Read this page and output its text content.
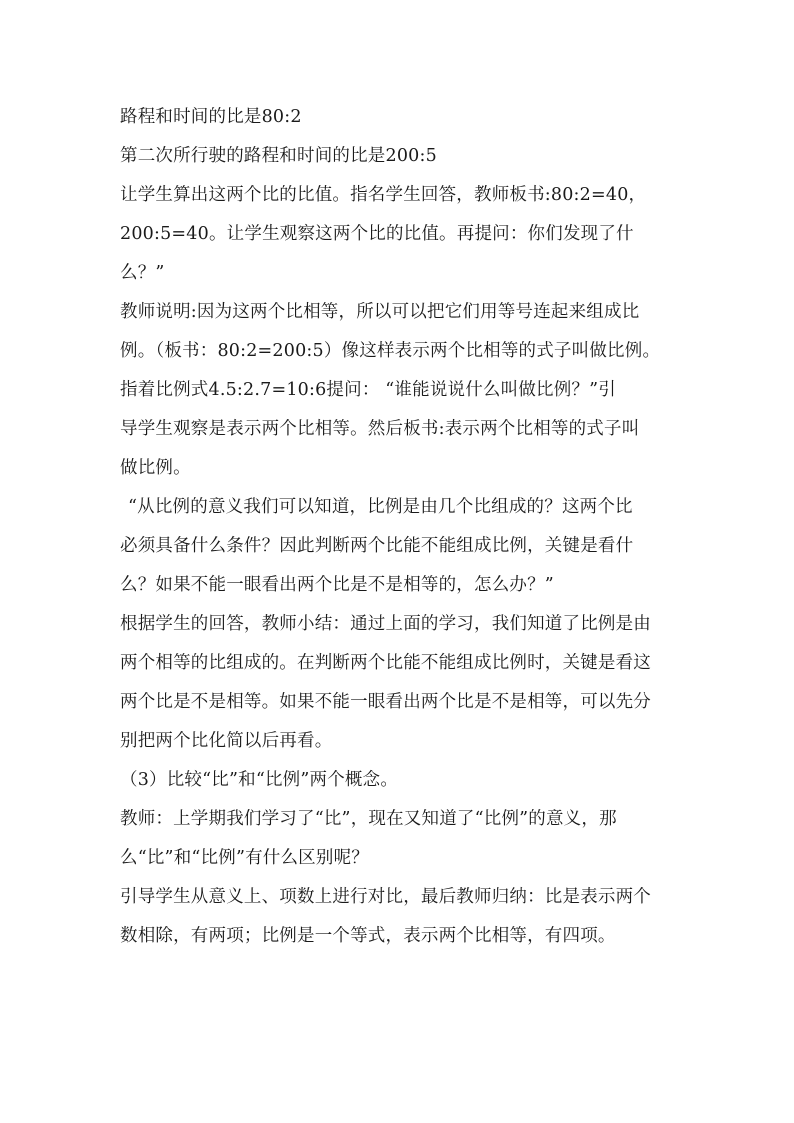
路程和时间的比是80:2
第二次所行驶的路程和时间的比是200:5
让学生算出这两个比的比值。指名学生回答，教师板书:80:2=40，
200:5=40。让学生观察这两个比的比值。再提问：你们发现了什
么？”
教师说明:因为这两个比相等，所以可以把它们用等号连起来组成比
例。（板书：80:2=200:5）像这样表示两个比相等的式子叫做比例。
指着比例式4.5:2.7=10:6提问： “谁能说说什么叫做比例？”引
导学生观察是表示两个比相等。然后板书:表示两个比相等的式子叫
做比例。
“从比例的意义我们可以知道，比例是由几个比组成的？这两个比
必须具备什么条件？因此判断两个比能不能组成比例，关键是看什
么？如果不能一眼看出两个比是不是相等的，怎么办？”
根据学生的回答，教师小结：通过上面的学习，我们知道了比例是由
两个相等的比组成的。在判断两个比能不能组成比例时，关键是看这
两个比是不是相等。如果不能一眼看出两个比是不是相等，可以先分
别把两个比化简以后再看。
（3）比较“比”和“比例”两个概念。
教师：上学期我们学习了“比”，现在又知道了“比例”的意义，那
么“比”和“比例”有什么区别呢？
引导学生从意义上、项数上进行对比，最后教师归纳：比是表示两个
数相除，有两项；比例是一个等式，表示两个比相等，有四项。
